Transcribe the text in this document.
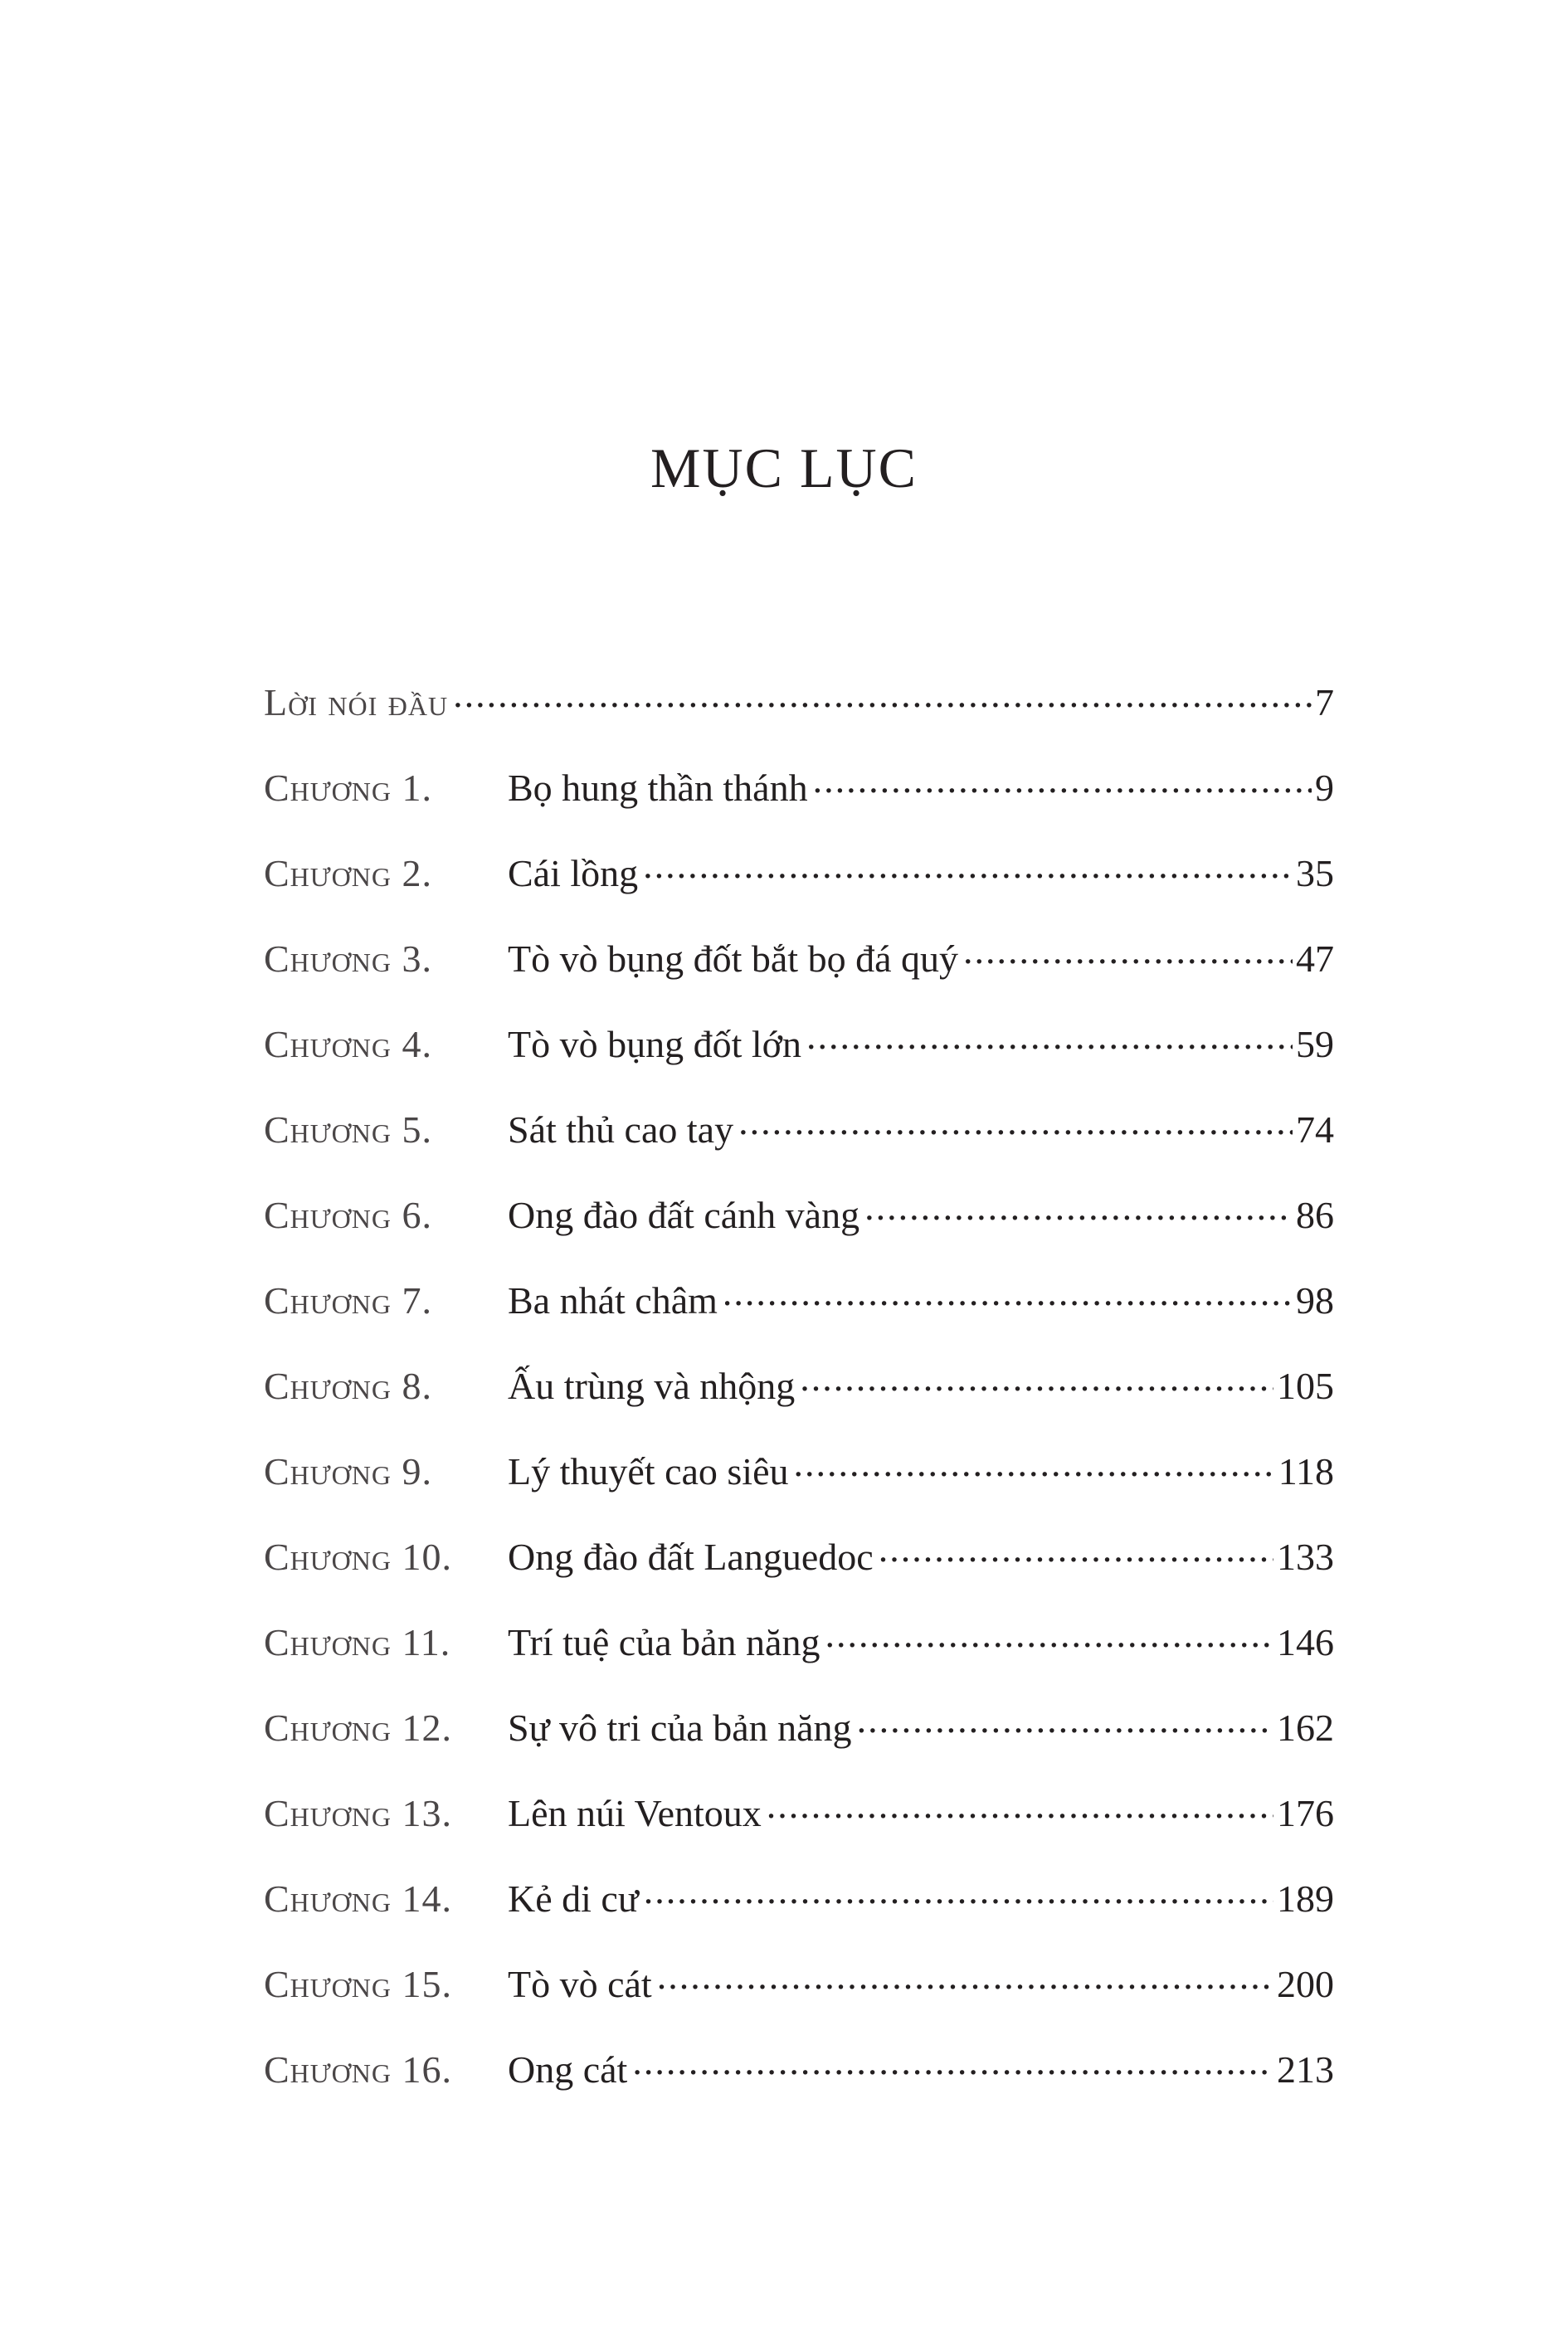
MỤC LỤC
Lời nói đầu .....	7
Chương 1.	Bọ hung thần thánh .....	9
Chương 2.	Cái lồng .....	35
Chương 3.	Tò vò bụng đốt bắt bọ đá quý .....	47
Chương 4.	Tò vò bụng đốt lớn .....	59
Chương 5.	Sát thủ cao tay .....	74
Chương 6.	Ong đào đất cánh vàng .....	86
Chương 7.	Ba nhát châm .....	98
Chương 8.	Ấu trùng và nhộng .....	105
Chương 9.	Lý thuyết cao siêu .....	118
Chương 10.	Ong đào đất Languedoc .....	133
Chương 11.	Trí tuệ của bản năng .....	146
Chương 12.	Sự vô tri của bản năng .....	162
Chương 13.	Lên núi Ventoux .....	176
Chương 14.	Kẻ di cư .....	189
Chương 15.	Tò vò cát .....	200
Chương 16.	Ong cát .....	213
